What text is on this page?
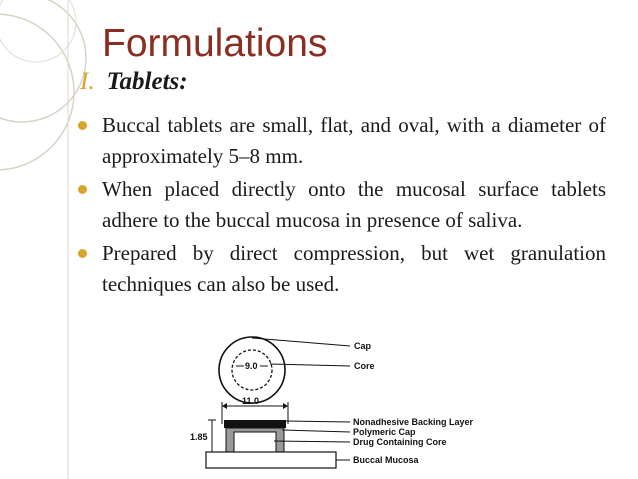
Formulations
I. Tablets:
Buccal tablets are small, flat, and oval, with a diameter of approximately 5–8 mm.
When placed directly onto the mucosal surface tablets adhere to the buccal mucosa in presence of saliva.
Prepared by direct compression, but wet granulation techniques can also be used.
9.0
Cap
Core
11.0
1.85
Nonadhesive Backing Layer
Polymeric Cap
Drug Containing Core
Buccal Mucosa
